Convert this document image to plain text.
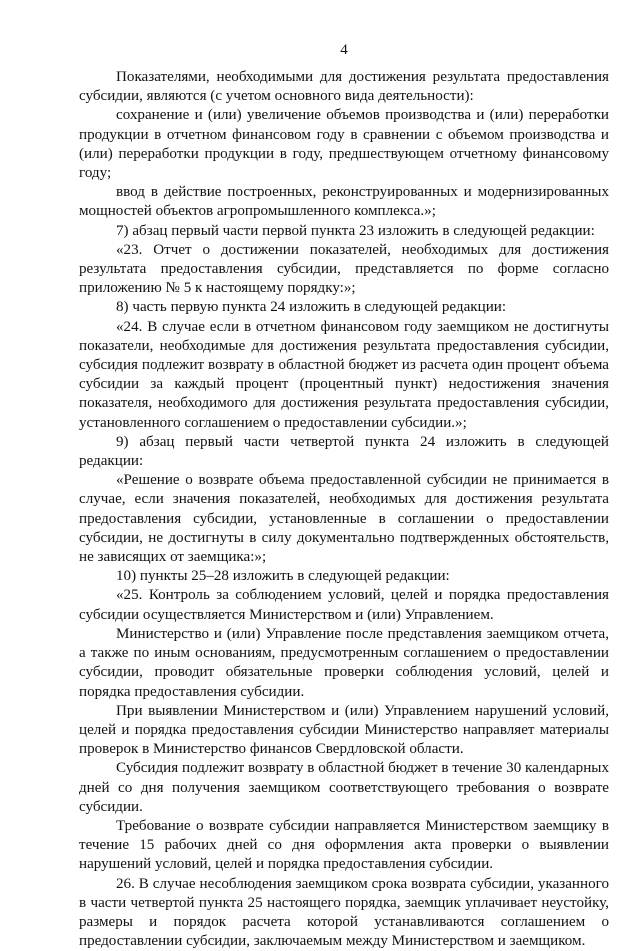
4

Показателями, необходимыми для достижения результата предоставления субсидии, являются (с учетом основного вида деятельности):

сохранение и (или) увеличение объемов производства и (или) переработки продукции в отчетном финансовом году в сравнении с объемом производства и (или) переработки продукции в году, предшествующем отчетному финансовому году;

ввод в действие построенных, реконструированных и модернизированных мощностей объектов агропромышленного комплекса.»;

7) абзац первый части первой пункта 23 изложить в следующей редакции:

«23. Отчет о достижении показателей, необходимых для достижения результата предоставления субсидии, представляется по форме согласно приложению № 5 к настоящему порядку:»;

8) часть первую пункта 24 изложить в следующей редакции:

«24. В случае если в отчетном финансовом году заемщиком не достигнуты показатели, необходимые для достижения результата предоставления субсидии, субсидия подлежит возврату в областной бюджет из расчета один процент объема субсидии за каждый процент (процентный пункт) недостижения значения показателя, необходимого для достижения результата предоставления субсидии, установленного соглашением о предоставлении субсидии.»;

9) абзац первый части четвертой пункта 24 изложить в следующей редакции:

«Решение о возврате объема предоставленной субсидии не принимается в случае, если значения показателей, необходимых для достижения результата предоставления субсидии, установленные в соглашении о предоставлении субсидии, не достигнуты в силу документально подтвержденных обстоятельств, не зависящих от заемщика:»;

10) пункты 25–28 изложить в следующей редакции:

«25. Контроль за соблюдением условий, целей и порядка предоставления субсидии осуществляется Министерством и (или) Управлением.

Министерство и (или) Управление после представления заемщиком отчета, а также по иным основаниям, предусмотренным соглашением о предоставлении субсидии, проводит обязательные проверки соблюдения условий, целей и порядка предоставления субсидии.

При выявлении Министерством и (или) Управлением нарушений условий, целей и порядка предоставления субсидии Министерство направляет материалы проверок в Министерство финансов Свердловской области.

Субсидия подлежит возврату в областной бюджет в течение 30 календарных дней со дня получения заемщиком соответствующего требования о возврате субсидии.

Требование о возврате субсидии направляется Министерством заемщику в течение 15 рабочих дней со дня оформления акта проверки о выявлении нарушений условий, целей и порядка предоставления субсидии.

26. В случае несоблюдения заемщиком срока возврата субсидии, указанного в части четвертой пункта 25 настоящего порядка, заемщик уплачивает неустойку, размеры и порядок расчета которой устанавливаются соглашением о предоставлении субсидии, заключаемым между Министерством и заемщиком.
